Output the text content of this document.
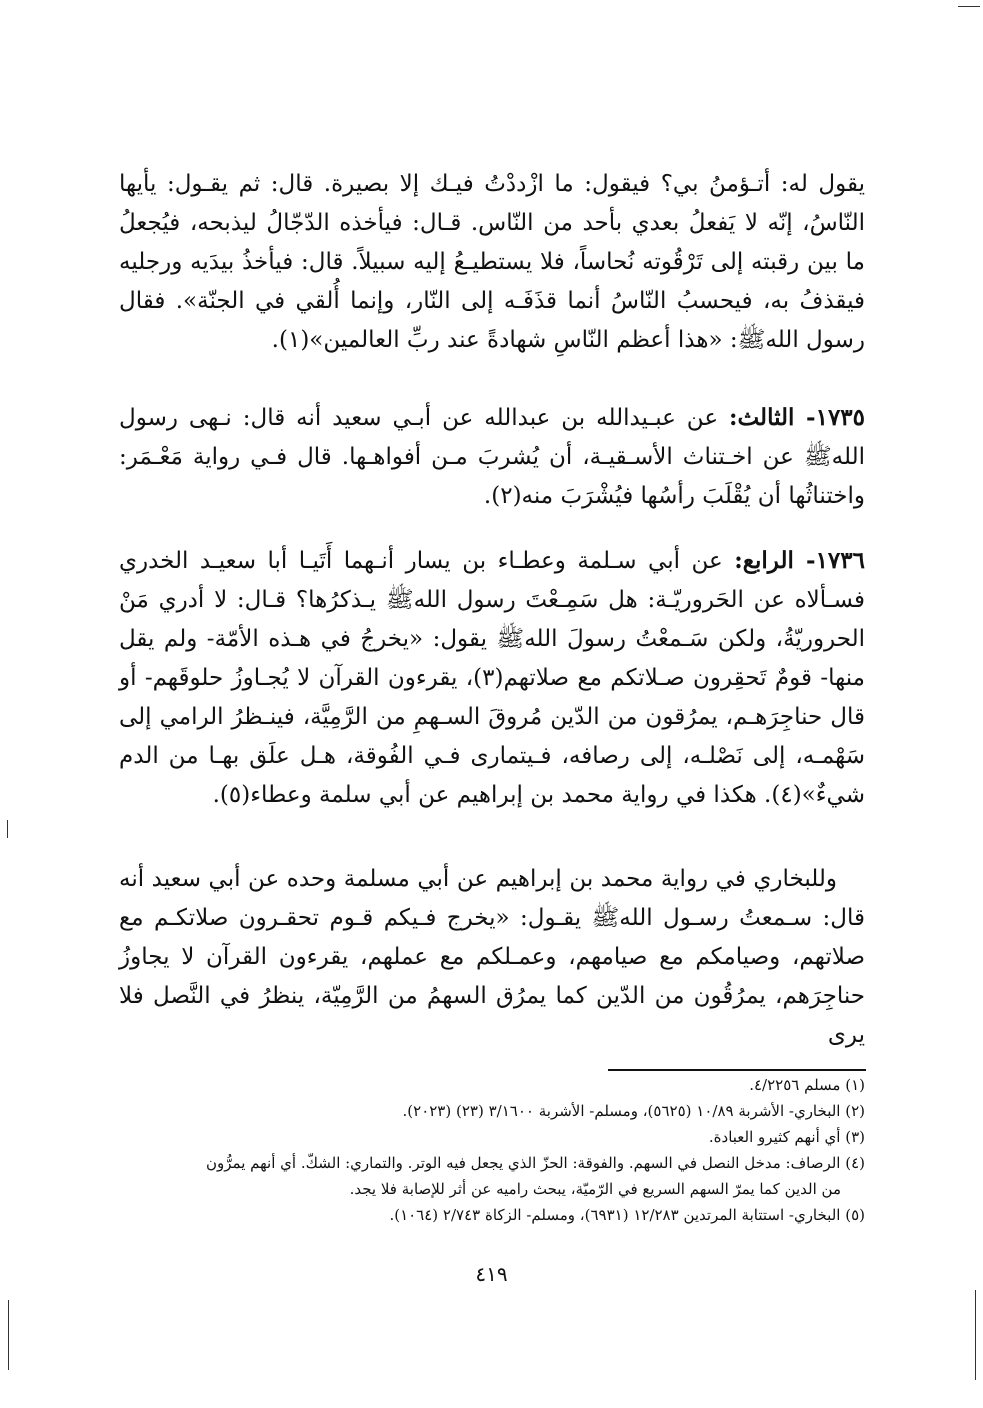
يقول له: أتـؤمنُ بي؟ فيقول: ما ازْددْتُ فيـك إلا بصيرة. قال: ثم يقـول: يأيها النّاسُ، إنّه لا يَفعلُ بعدي بأحد من النّاس. قـال: فيأخذه الدّجّالُ ليذبحه، فيُجعلُ ما بين رقبته إلى تَرْقُوته نُحاساً، فلا يستطيـعُ إليه سبيلاً. قال: فيأخذُ بيدَيه ورجليه فيقذفُ به، فيحسبُ النّاسُ أنما قذَفَـه إلى النّار، وإنما أُلقي في الجنّة». فقال رسول اللهﷺ: «هذا أعظم النّاسِ شهادةً عند ربِّ العالمين»(١).

١٧٣٥- الثالث: عن عبـيدالله بن عبدالله عن أبـي سعيد أنه قال: نـهى رسول اللهﷺ عن اخـتناث الأسـقيـة، أن يُشربَ مـن أفواهـها. قال فـي رواية مَعْـمَر: واختناثُها أن يُقْلَبَ رأسُها فيُشْرَبَ منه(٢).

١٧٣٦- الرابع: عن أبي سـلمة وعطـاء بن يسار أنـهما أَتَيـا أبا سعيـد الخدري فسـألاه عن الحَروريّـة: هل سَمِـعْتَ رسول اللهﷺ يـذكرُها؟ قـال: لا أدري مَنْ الحروريّةُ، ولكن سَـمعْتُ رسولَ اللهﷺ يقول: «يخرجُ في هـذه الأمّة- ولم يقل منها- قومٌ تَحقِرون صـلاتكم مع صلاتهم(٣)، يقرءون القرآن لا يُجـاوزُ حلوقَهم- أو قال حناجِرَهـم، يمرُقون من الدّين مُروقَ السـهمِ من الرَّمِيَّة، فينـظرُ الرامي إلى سَهْمـه، إلى نَصْلـه، إلى رصافه، فـيتمارى فـي الفُوقة، هـل علَق بهـا من الدم شيءٌ»(٤). هكذا في رواية محمد بن إبراهيم عن أبي سلمة وعطاء(٥).

وللبخاري في رواية محمد بن إبراهيم عن أبي مسلمة وحده عن أبي سعيد أنه قال: سـمعتُ رسـول اللهﷺ يقـول: «يخرج فـيكم قـوم تحقـرون صلاتكـم مع صلاتهم، وصيامكم مع صيامهم، وعمـلكم مع عملهم، يقرءون القرآن لا يجاوزُ حناجِرَهم، يمرُقُون من الدّين كما يمرُق السهمُ من الرَّمِيّة، ينظرُ في النَّصل فلا يرى

(١) مسلم ٤/٢٢٥٦.

(٢) البخاري- الأشربة ١٠/٨٩ (٥٦٢٥)، ومسلم- الأشربة ٣/١٦٠٠ (٢٣) (٢٠٢٣).

(٣) أي أنهم كثيرو العبادة.

(٤) الرصاف: مدخل النصل في السهم. والفوقة: الحزّ الذي يجعل فيه الوتر. والتماري: الشكّ. أي أنهم يمرُّون

من الدين كما يمرّ السهم السريع في الرّميّة، يبحث راميه عن أثر للإصابة فلا يجد.

(٥) البخاري- استتابة المرتدين ١٢/٢٨٣ (٦٩٣١)، ومسلم- الزكاة ٢/٧٤٣ (١٠٦٤).

٤١٩
